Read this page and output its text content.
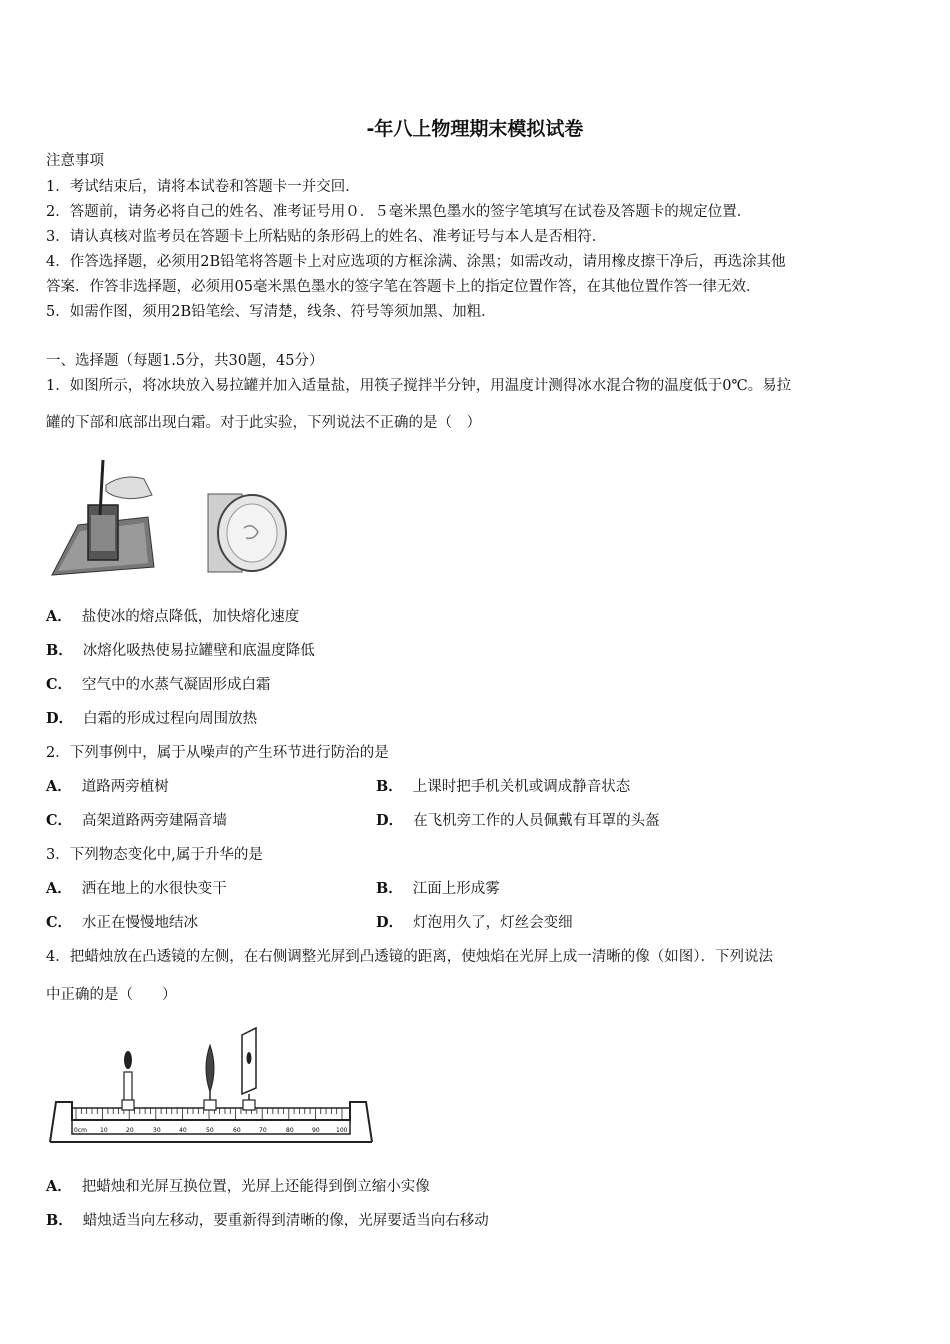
-年八上物理期末模拟试卷
注意事项
1．考试结束后，请将本试卷和答题卡一并交回．
2．答题前，请务必将自己的姓名、准考证号用０．５毫米黑色墨水的签字笔填写在试卷及答题卡的规定位置．
3．请认真核对监考员在答题卡上所粘贴的条形码上的姓名、准考证号与本人是否相符．
4．作答选择题，必须用2B铅笔将答题卡上对应选项的方框涂满、涂黑；如需改动，请用橡皮擦干净后，再选涂其他
答案．作答非选择题，必须用05毫米黑色墨水的签字笔在答题卡上的指定位置作答，在其他位置作答一律无效．
5．如需作图，须用2B铅笔绘、写清楚，线条、符号等须加黑、加粗．
一、选择题（每题1.5分，共30题，45分）
1．如图所示，将冰块放入易拉罐并加入适量盐，用筷子搅拌半分钟，用温度计测得冰水混合物的温度低于0℃。易拉
罐的下部和底部出现白霜。对于此实验，下列说法不正确的是（　）
A． 盐使冰的熔点降低，加快熔化速度
B． 冰熔化吸热使易拉罐壁和底温度降低
C． 空气中的水蒸气凝固形成白霜
D． 白霜的形成过程向周围放热
2．下列事例中，属于从噪声的产生环节进行防治的是
A． 道路两旁植树	B． 上课时把手机关机或调成静音状态
C． 高架道路两旁建隔音墙	D． 在飞机旁工作的人员佩戴有耳罩的头盔
3．下列物态变化中,属于升华的是
A． 洒在地上的水很快变干	B． 江面上形成雾
C． 水正在慢慢地结冰	D． 灯泡用久了，灯丝会变细
4．把蜡烛放在凸透镜的左侧，在右侧调整光屏到凸透镜的距离，使烛焰在光屏上成一清晰的像（如图）．下列说法
中正确的是（　　）
0cm 10	20	30	40	50	60	70	80	90	100
A． 把蜡烛和光屏互换位置，光屏上还能得到倒立缩小实像
B． 蜡烛适当向左移动，要重新得到清晰的像，光屏要适当向右移动
